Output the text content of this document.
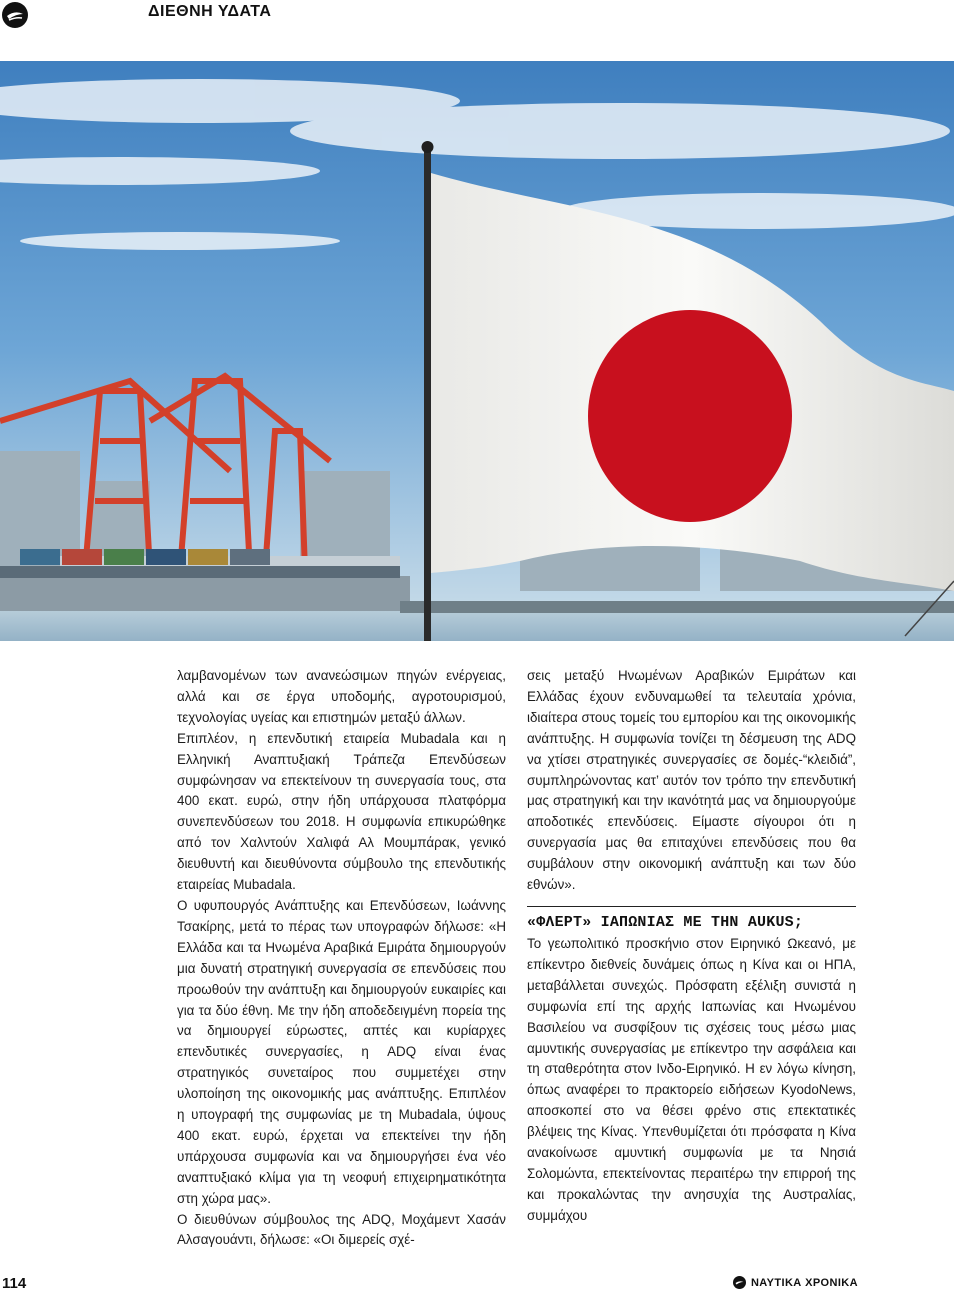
ΔΙΕΘΝΗ ΥΔΑΤΑ

λαμβανομένων των ανανεώσιμων πηγών ενέργειας, αλλά και σε έργα υποδομής, αγροτουρισμού, τεχνολογίας υγείας και επιστημών μεταξύ άλλων.

Επιπλέον, η επενδυτική εταιρεία Mubadala και η Ελληνική Αναπτυξιακή Τράπεζα Επενδύσεων συμφώνησαν να επεκτείνουν τη συνεργασία τους, στα 400 εκατ. ευρώ, στην ήδη υπάρχουσα πλατφόρμα συνεπενδύσεων του 2018. Η συμφωνία επικυρώθηκε από τον Χαλντούν Χαλιφά Αλ Μουμπάρακ, γενικό διευθυντή και διευθύνοντα σύμβουλο της επενδυτικής εταιρείας Mubadala.

Ο υφυπουργός Ανάπτυξης και Επενδύσεων, Ιωάννης Τσακίρης, μετά το πέρας των υπογραφών δήλωσε: «Η Ελλάδα και τα Ηνωμένα Αραβικά Εμιράτα δημιουργούν μια δυνατή στρατηγική συνεργασία σε επενδύσεις που προωθούν την ανάπτυξη και δημιουργούν ευκαιρίες και για τα δύο έθνη. Με την ήδη αποδεδειγμένη πορεία της να δημιουργεί εύρωστες, απτές και κυρίαρχες επενδυτικές συνεργασίες, η ADQ είναι ένας στρατηγικός συνεταίρος που συμμετέχει στην υλοποίηση της οικονομικής μας ανάπτυξης. Επιπλέον η υπογραφή της συμφωνίας με τη Mubadala, ύψους 400 εκατ. ευρώ, έρχεται να επεκτείνει την ήδη υπάρχουσα συμφωνία και να δημιουργήσει ένα νέο αναπτυξιακό κλίμα για τη νεοφυή επιχειρηματικότητα στη χώρα μας».

Ο διευθύνων σύμβουλος της ADQ, Μοχάμεντ Χασάν Αλσαγουάντι, δήλωσε: «Οι διμερείς σχέ-

σεις μεταξύ Ηνωμένων Αραβικών Εμιράτων και Ελλάδας έχουν ενδυναμωθεί τα τελευταία χρόνια, ιδιαίτερα στους τομείς του εμπορίου και της οικονομικής ανάπτυξης. Η συμφωνία τονίζει τη δέσμευση της ADQ να χτίσει στρατηγικές συνεργασίες σε δομές-“κλειδιά”, συμπληρώνοντας κατ’ αυτόν τον τρόπο την επενδυτική μας στρατηγική και την ικανότητά μας να δημιουργούμε αποδοτικές επενδύσεις. Είμαστε σίγουροι ότι η συνεργασία μας θα επιταχύνει επενδύσεις που θα συμβάλουν στην οικονομική ανάπτυξη και των δύο εθνών».

«ΦΛΕΡΤ» ΙΑΠΩΝΙΑΣ ΜΕ ΤΗΝ AUKUS;

Το γεωπολιτικό προσκήνιο στον Ειρηνικό Ωκεανό, με επίκεντρο διεθνείς δυνάμεις όπως η Κίνα και οι ΗΠΑ, μεταβάλλεται συνεχώς. Πρόσφατη εξέλιξη συνιστά η συμφωνία επί της αρχής Ιαπωνίας και Ηνωμένου Βασιλείου να συσφίξουν τις σχέσεις τους μέσω μιας αμυντικής συνεργασίας με επίκεντρο την ασφάλεια και τη σταθερότητα στον Ινδο-Ειρηνικό. Η εν λόγω κίνηση, όπως αναφέρει το πρακτορείο ειδήσεων KyodoNews, αποσκοπεί στο να θέσει φρένο στις επεκτατικές βλέψεις της Κίνας. Υπενθυμίζεται ότι πρόσφατα η Κίνα ανακοίνωσε αμυντική συμφωνία με τα Νησιά Σολομώντα, επεκτείνοντας περαιτέρω την επιρροή της και προκαλώντας την ανησυχία της Αυστραλίας, συμμάχου

114	ΝΑΥΤΙΚΑ ΧΡΟΝΙΚΑ
